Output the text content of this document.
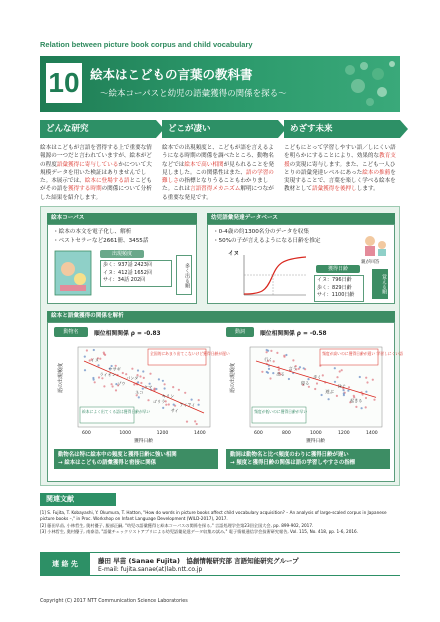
Relation between picture book corpus and child vocabulary
10 絵本はこどもの言葉の教科書
～絵本コーパスと幼児の語彙獲得の関係を探る～
どんな研究
絵本はこどもが言語を習得する上で重要な情報源の一つだと言われていますが、絵本がどの程度語彙獲得に寄与しているかについて大規模データを用いた検証はありませんでした。本展示では、絵本に登場する語とこどもがその語を獲得する時期の関係について分析した結果を紹介します。
どこが凄い
絵本での出現頻度と、こどもが語を言えるようになる時期の関係を調べたところ、動物名などでは絵本で高い相関が見られることを発見しました。この関係性はまた、語の学習の難しさの指標となりうることもわかりました。これは言語習得メカニズム解明につながる重要な発見です。
めざす未来
こどもにとって学習しやすい語／しにくい語を明らかにすることにより、効果的な教育支援の実現に寄与します。また、こども一人ひとりの語彙発達レベルにあった絵本の推薦を実現することで、言葉を楽しく学べる絵本を教材として語彙獲得を後押しします。
絵本コーパス
・絵本の本文を電子化し、解析
・ベストセラーなど2661冊、3455話
出現頻度
歩く：937話 2423回
イヌ：412話 1652回
サイ：34話 202回	多く出る順
幼児語彙発達データベース
・0-4歳の約1300名分のデータを収集
・50%の子が言えるようになる日齢を推定
イヌ
獲得日齢
イヌ：796日齢
歩く：829日齢
サイ：1100日齢
親が回答
覚える順
絵本と語彙獲得の関係を解析
動物名	順位相関関係 ρ = -0.83
語の出現頻度
600	1000	1200	1400
獲得日齢
イヌ
ライオン
ウサギ
ゾウ
パンダ
ネコ
クマ
ゴリラ
キリン
サイ
アイアイ
全国的にあまり出てこないけど獲得日齢が遅い
絵本によく出てくる語は獲得日齢が早い
動詞	順位相関関係 ρ = -0.58
語の出現頻度
600	800	1000	1200	1400
獲得日齢
行く
出る
言う
寝る
歩く
遊ぶ
泳ぐ
起きる
頻度が高いのに獲得日齢が遅い 学習しにくい語
頻度が低いのに獲得日齢が早い
動物名は特に絵本中の頻度と獲得日齢に強い相関
→ 絵本はこどもの語彙獲得と密接に関係
動詞は動物名と比べ頻度のわりに獲得日齢が遅い
→ 頻度と獲得日齢の関係は語の学習しやすさの指標
関連文献
[1] S. Fujita, T. Kobayashi, Y. Okumura, T. Hatton, "How do words in picture books affect child vocabulary acquisition? – An analysis of large-scaled corpus in Japanese picture books –," in Proc. Workshop on Infant Language Development (WILD-2017), 2017.
[2] 藤田早苗, 小林哲生, 奥村優子, 服部正嗣, "幼児の語彙獲得と絵本コーパスの関係を探る," 言語処理学会第23回全国大会, pp. 899-902, 2017.
[3] 小林哲生, 奥村優子, 南泰浩, "語彙チェックリストアプリによる幼児語彙発達データ収集の試み," 電子情報通信学会技術研究報告, Vol. 115, No. 418, pp. 1-6, 2016.
連 絡 先	藤田 早苗 (Sanae Fujita)　協創情報研究部 言語知能研究グループ
E-mail: fujita.sanae(at)lab.ntt.co.jp
Copyright (C) 2017 NTT Communication Science Laboratories
